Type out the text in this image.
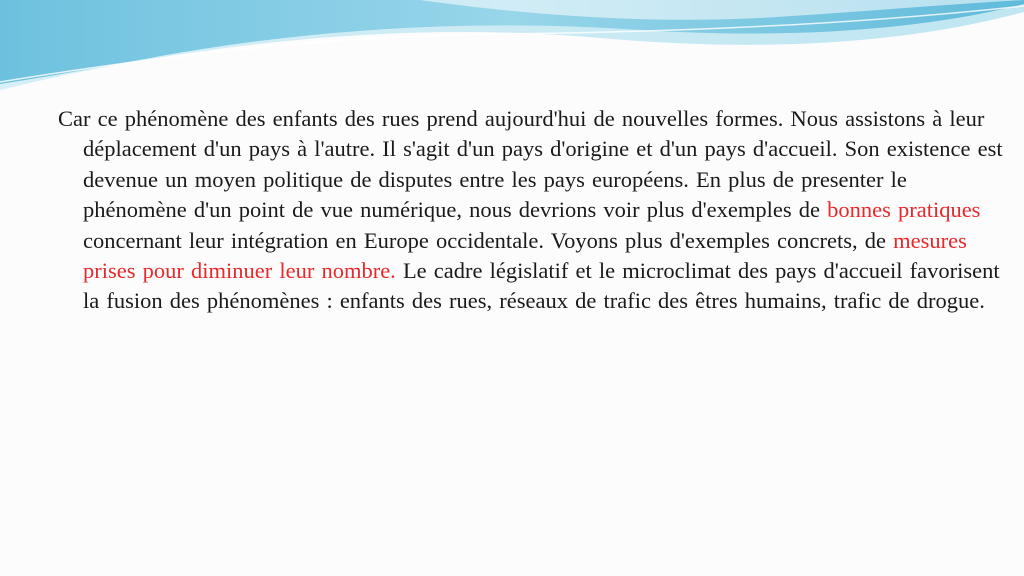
Car ce phénomène des enfants des rues prend aujourd'hui de nouvelles formes. Nous assistons à leur déplacement d'un pays à l'autre. Il s'agit d'un pays d'origine et d'un pays d'accueil. Son existence est devenue un moyen politique de disputes entre les pays européens. En plus de presenter le phénomène d'un point de vue numérique, nous devrions voir plus d'exemples de bonnes pratiques concernant leur intégration en Europe occidentale. Voyons plus d'exemples concrets, de mesures prises pour diminuer leur nombre. Le cadre législatif et le microclimat des pays d'accueil favorisent la fusion des phénomènes : enfants des rues, réseaux de trafic des êtres humains, trafic de drogue.
